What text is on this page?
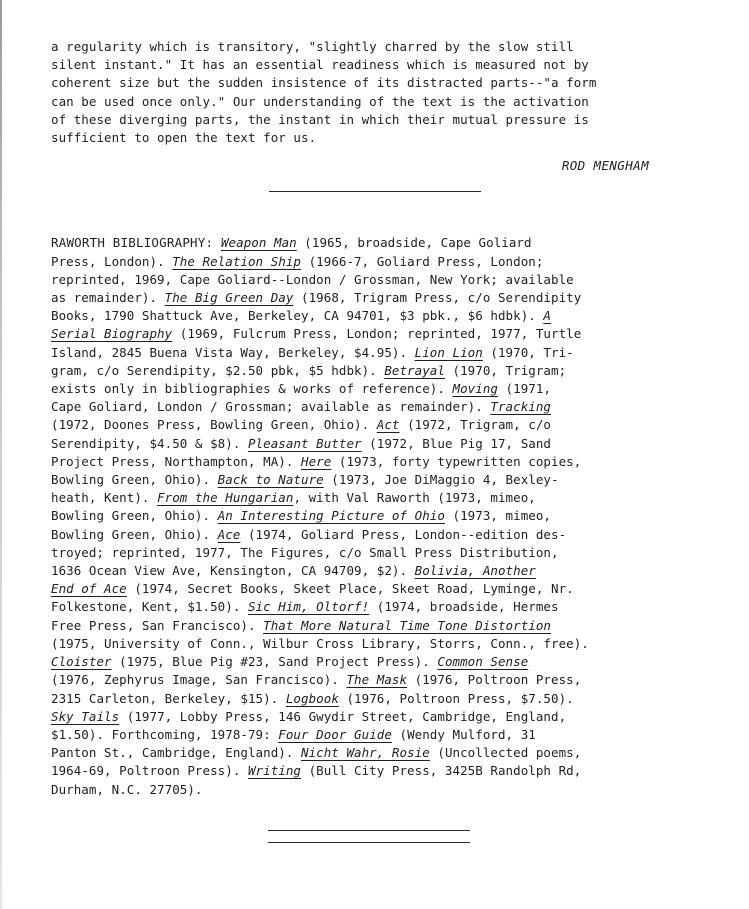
a regularity which is transitory, "slightly charred by the slow still
silent instant." It has an essential readiness which is measured not by
coherent size but the sudden insistence of its distracted parts--"a form
can be used once only." Our understanding of the text is the activation
of these diverging parts, the instant in which their mutual pressure is
sufficient to open the text for us.

ROD MENGHAM

RAWORTH BIBLIOGRAPHY: Weapon Man (1965, broadside, Cape Goliard
Press, London). The Relation Ship (1966-7, Goliard Press, London;
reprinted, 1969, Cape Goliard--London / Grossman, New York; available
as remainder). The Big Green Day (1968, Trigram Press, c/o Serendipity
Books, 1790 Shattuck Ave, Berkeley, CA 94701, $3 pbk., $6 hdbk). A
Serial Biography (1969, Fulcrum Press, London; reprinted, 1977, Turtle
Island, 2845 Buena Vista Way, Berkeley, $4.95). Lion Lion (1970, Tri-
gram, c/o Serendipity, $2.50 pbk, $5 hdbk). Betrayal (1970, Trigram;
exists only in bibliographies & works of reference). Moving (1971,
Cape Goliard, London / Grossman; available as remainder). Tracking
(1972, Doones Press, Bowling Green, Ohio). Act (1972, Trigram, c/o
Serendipity, $4.50 & $8). Pleasant Butter (1972, Blue Pig 17, Sand
Project Press, Northampton, MA). Here (1973, forty typewritten copies,
Bowling Green, Ohio). Back to Nature (1973, Joe DiMaggio 4, Bexley-
heath, Kent). From the Hungarian, with Val Raworth (1973, mimeo,
Bowling Green, Ohio). An Interesting Picture of Ohio (1973, mimeo,
Bowling Green, Ohio). Ace (1974, Goliard Press, London--edition des-
troyed; reprinted, 1977, The Figures, c/o Small Press Distribution,
1636 Ocean View Ave, Kensington, CA 94709, $2). Bolivia, Another
End of Ace (1974, Secret Books, Skeet Place, Skeet Road, Lyminge, Nr.
Folkestone, Kent, $1.50). Sic Him, Oltorf! (1974, broadside, Hermes
Free Press, San Francisco). That More Natural Time Tone Distortion
(1975, University of Conn., Wilbur Cross Library, Storrs, Conn., free).
Cloister (1975, Blue Pig #23, Sand Project Press). Common Sense
(1976, Zephyrus Image, San Francisco). The Mask (1976, Poltroon Press,
2315 Carleton, Berkeley, $15). Logbook (1976, Poltroon Press, $7.50).
Sky Tails (1977, Lobby Press, 146 Gwydir Street, Cambridge, England,
$1.50). Forthcoming, 1978-79: Four Door Guide (Wendy Mulford, 31
Panton St., Cambridge, England). Nicht Wahr, Rosie (Uncollected poems,
1964-69, Poltroon Press). Writing (Bull City Press, 3425B Randolph Rd,
Durham, N.C. 27705).
